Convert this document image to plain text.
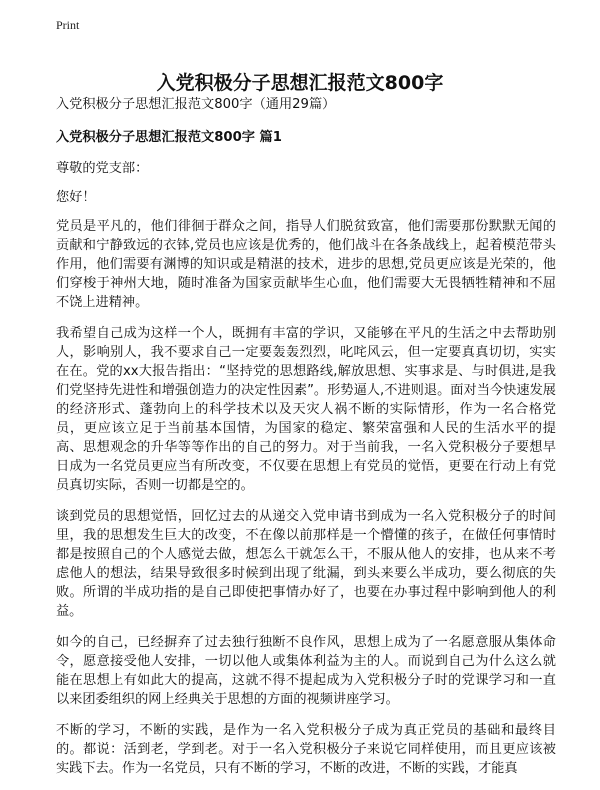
Print
入党积极分子思想汇报范文800字

入党积极分子思想汇报范文800字（通用29篇）

入党积极分子思想汇报范文800字 篇1

尊敬的党支部：

您好！

党员是平凡的，他们徘徊于群众之间，指导人们脱贫致富，他们需要那份默默无闻的贡献和宁静致远的衣钵,党员也应该是优秀的，他们战斗在各条战线上，起着模范带头作用，他们需要有渊博的知识或是精湛的技术，进步的思想,党员更应该是光荣的，他们穿梭于神州大地，随时准备为国家贡献毕生心血，他们需要大无畏牺牲精神和不屈不饶上进精神。

我希望自己成为这样一个人，既拥有丰富的学识，又能够在平凡的生活之中去帮助别人，影响别人，我不要求自己一定要轰轰烈烈，叱咤风云，但一定要真真切切，实实在在。党的xx大报告指出：“坚持党的思想路线,解放思想、实事求是、与时俱进,是我们党坚持先进性和增强创造力的决定性因素”。形势逼人,不进则退。面对当今快速发展的经济形式、蓬勃向上的科学技术以及天灾人祸不断的实际情形，作为一名合格党员，更应该立足于当前基本国情，为国家的稳定、繁荣富强和人民的生活水平的提高、思想观念的升华等等作出的自己的努力。对于当前我，一名入党积极分子要想早日成为一名党员更应当有所改变，不仅要在思想上有党员的觉悟，更要在行动上有党员真切实际，否则一切都是空的。

谈到党员的思想觉悟，回忆过去的从递交入党申请书到成为一名入党积极分子的时间里，我的思想发生巨大的改变，不在像以前那样是一个懵懂的孩子，在做任何事情时都是按照自己的个人感觉去做，想怎么干就怎么干，不服从他人的安排，也从来不考虑他人的想法，结果导致很多时候到出现了纰漏，到头来要么半成功，要么彻底的失败。所谓的半成功指的是自己即使把事情办好了，也要在办事过程中影响到他人的利益。

如今的自己，已经摒弃了过去独行独断不良作风，思想上成为了一名愿意服从集体命令，愿意接受他人安排，一切以他人或集体利益为主的人。而说到自己为什么这么就能在思想上有如此大的提高，这就不得不提起成为入党积极分子时的党课学习和一直以来团委组织的网上经典关于思想的方面的视频讲座学习。

不断的学习，不断的实践，是作为一名入党积极分子成为真正党员的基础和最终目的。都说：活到老，学到老。对于一名入党积极分子来说它同样使用，而且更应该被实践下去。作为一名党员，只有不断的学习，不断的改进，不断的实践，才能真
